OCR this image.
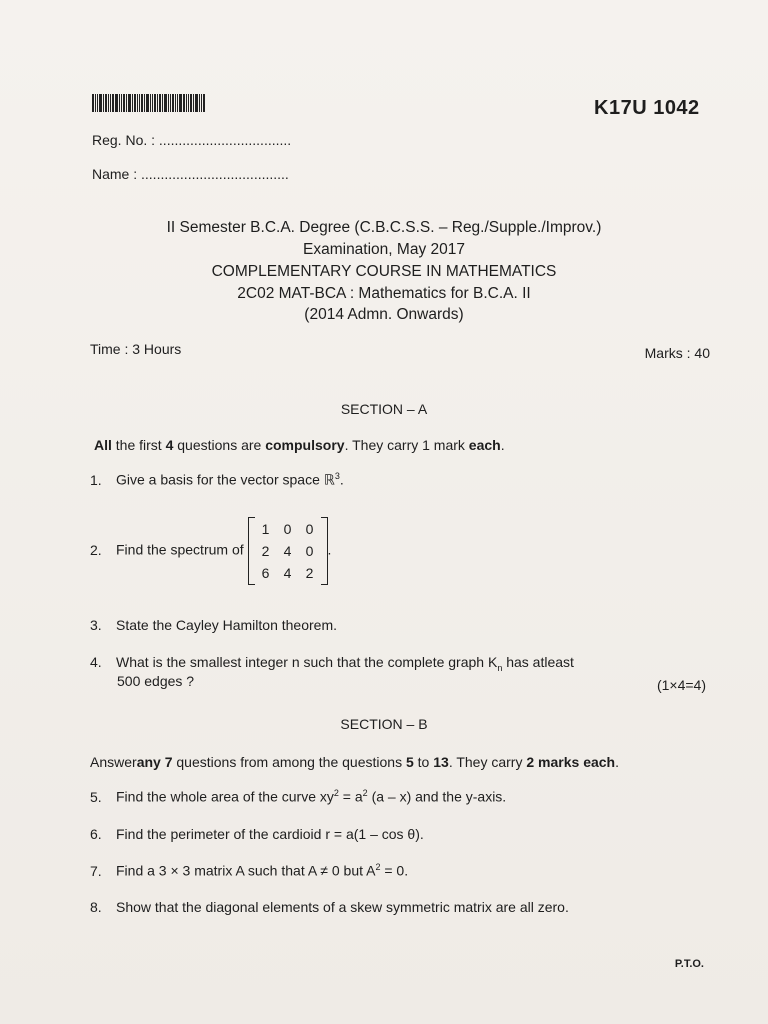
K17U 1042
Reg. No. : ..................................
Name : ......................................
II Semester B.C.A. Degree (C.B.C.S.S. – Reg./Supple./Improv.)
Examination, May 2017
COMPLEMENTARY COURSE IN MATHEMATICS
2C02 MAT-BCA : Mathematics for B.C.A. II
(2014 Admn. Onwards)
Time : 3 Hours	Marks : 40
SECTION – A
All the first 4 questions are compulsory. They carry 1 mark each.
1. Give a basis for the vector space ℝ$^3$.
2. Find the spectrum of
1	0	0
2	4	0
6	4	2
.
3. State the Cayley Hamilton theorem.
4. What is the smallest integer n such that the complete graph $K_n$ has atleast
500 edges ?	(1×4=4)
SECTION – B
Answerany 7 questions from among the questions 5 to 13. They carry 2 marks each.
5. Find the whole area of the curve $xy^2 = a^2$ (a – x) and the y-axis.
6. Find the perimeter of the cardioid r = a(1 – cos θ).
7. Find a 3 × 3 matrix A such that A ≠ 0 but $A^2 = 0$.
8. Show that the diagonal elements of a skew symmetric matrix are all zero.
P.T.O.
